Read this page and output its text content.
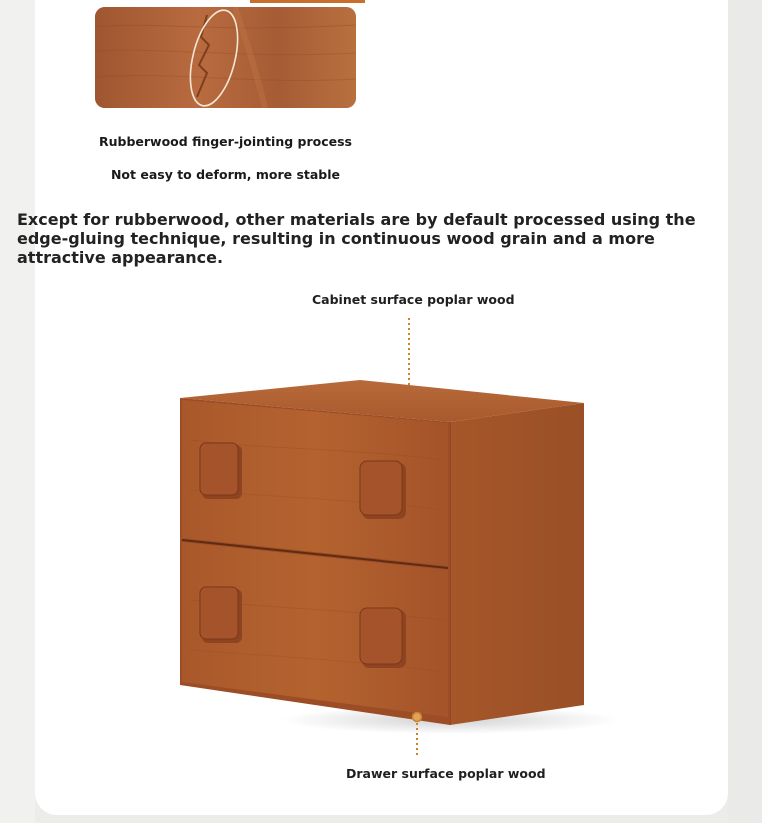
Rubberwood finger-jointing process
Not easy to deform, more stable
Except for rubberwood, other materials are by default processed using the edge-gluing technique, resulting in continuous wood grain and a more attractive appearance.
Cabinet surface poplar wood
Drawer surface poplar wood
